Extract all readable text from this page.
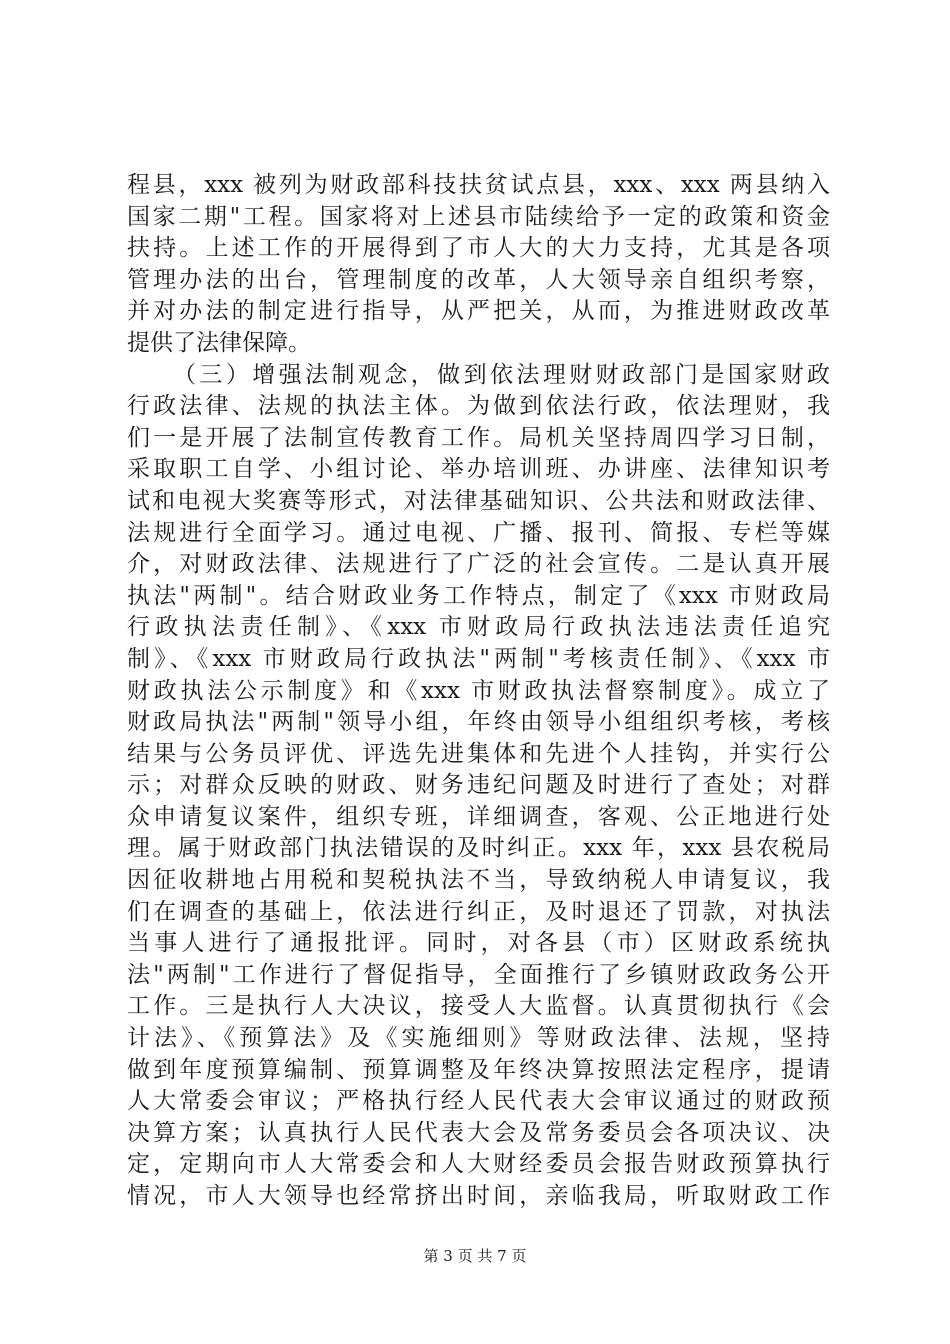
程县，xxx 被列为财政部科技扶贫试点县，xxx、xxx 两县纳入
国家二期"工程。国家将对上述县市陆续给予一定的政策和资金
扶持。上述工作的开展得到了市人大的大力支持，尤其是各项
管理办法的出台，管理制度的改革，人大领导亲自组织考察，
并对办法的制定进行指导，从严把关，从而，为推进财政改革
提供了法律保障。
（三）增强法制观念，做到依法理财财政部门是国家财政
行政法律、法规的执法主体。为做到依法行政，依法理财，我
们一是开展了法制宣传教育工作。局机关坚持周四学习日制，
采取职工自学、小组讨论、举办培训班、办讲座、法律知识考
试和电视大奖赛等形式，对法律基础知识、公共法和财政法律、
法规进行全面学习。通过电视、广播、报刊、简报、专栏等媒
介，对财政法律、法规进行了广泛的社会宣传。二是认真开展
执法"两制"。结合财政业务工作特点，制定了《xxx 市财政局
行政执法责任制》、《xxx 市财政局行政执法违法责任追究
制》、《xxx 市财政局行政执法"两制"考核责任制》、《xxx 市
财政执法公示制度》和《xxx 市财政执法督察制度》。成立了
财政局执法"两制"领导小组，年终由领导小组组织考核，考核
结果与公务员评优、评选先进集体和先进个人挂钩，并实行公
示；对群众反映的财政、财务违纪问题及时进行了查处；对群
众申请复议案件，组织专班，详细调查，客观、公正地进行处
理。属于财政部门执法错误的及时纠正。xxx 年，xxx 县农税局
因征收耕地占用税和契税执法不当，导致纳税人申请复议，我
们在调查的基础上，依法进行纠正，及时退还了罚款，对执法
当事人进行了通报批评。同时，对各县（市）区财政系统执
法"两制"工作进行了督促指导，全面推行了乡镇财政政务公开
工作。三是执行人大决议，接受人大监督。认真贯彻执行《会
计法》、《预算法》及《实施细则》等财政法律、法规，坚持
做到年度预算编制、预算调整及年终决算按照法定程序，提请
人大常委会审议；严格执行经人民代表大会审议通过的财政预
决算方案；认真执行人民代表大会及常务委员会各项决议、决
定，定期向市人大常委会和人大财经委员会报告财政预算执行
情况，市人大领导也经常挤出时间，亲临我局，听取财政工作
第 3 页 共 7 页
